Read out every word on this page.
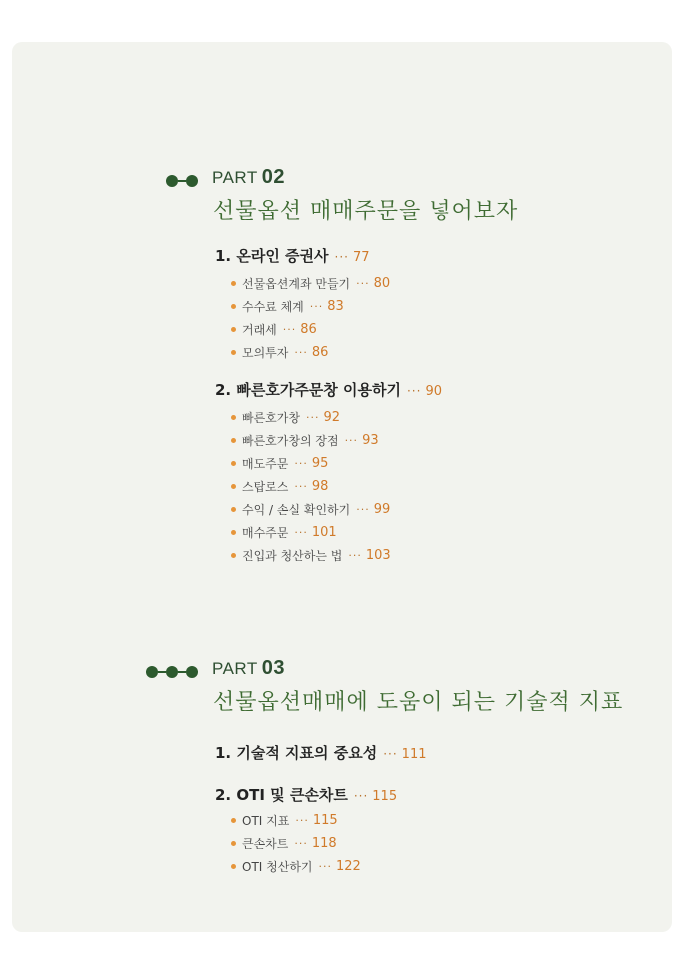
PART 02
선물옵션 매매주문을 넣어보자
1. 온라인 증권사 ··· 77
선물옵션계좌 만들기 ··· 80
수수료 체계 ··· 83
거래세 ··· 86
모의투자 ··· 86
2. 빠른호가주문창 이용하기 ··· 90
빠른호가창 ··· 92
빠른호가창의 장점 ··· 93
매도주문 ··· 95
스탑로스 ··· 98
수익 / 손실 확인하기 ··· 99
매수주문 ··· 101
진입과 청산하는 법 ··· 103
PART 03
선물옵션매매에 도움이 되는 기술적 지표
1. 기술적 지표의 중요성 ··· 111
2. OTI 및 큰손차트 ··· 115
OTI 지표 ··· 115
큰손차트 ··· 118
OTI 청산하기 ··· 122
